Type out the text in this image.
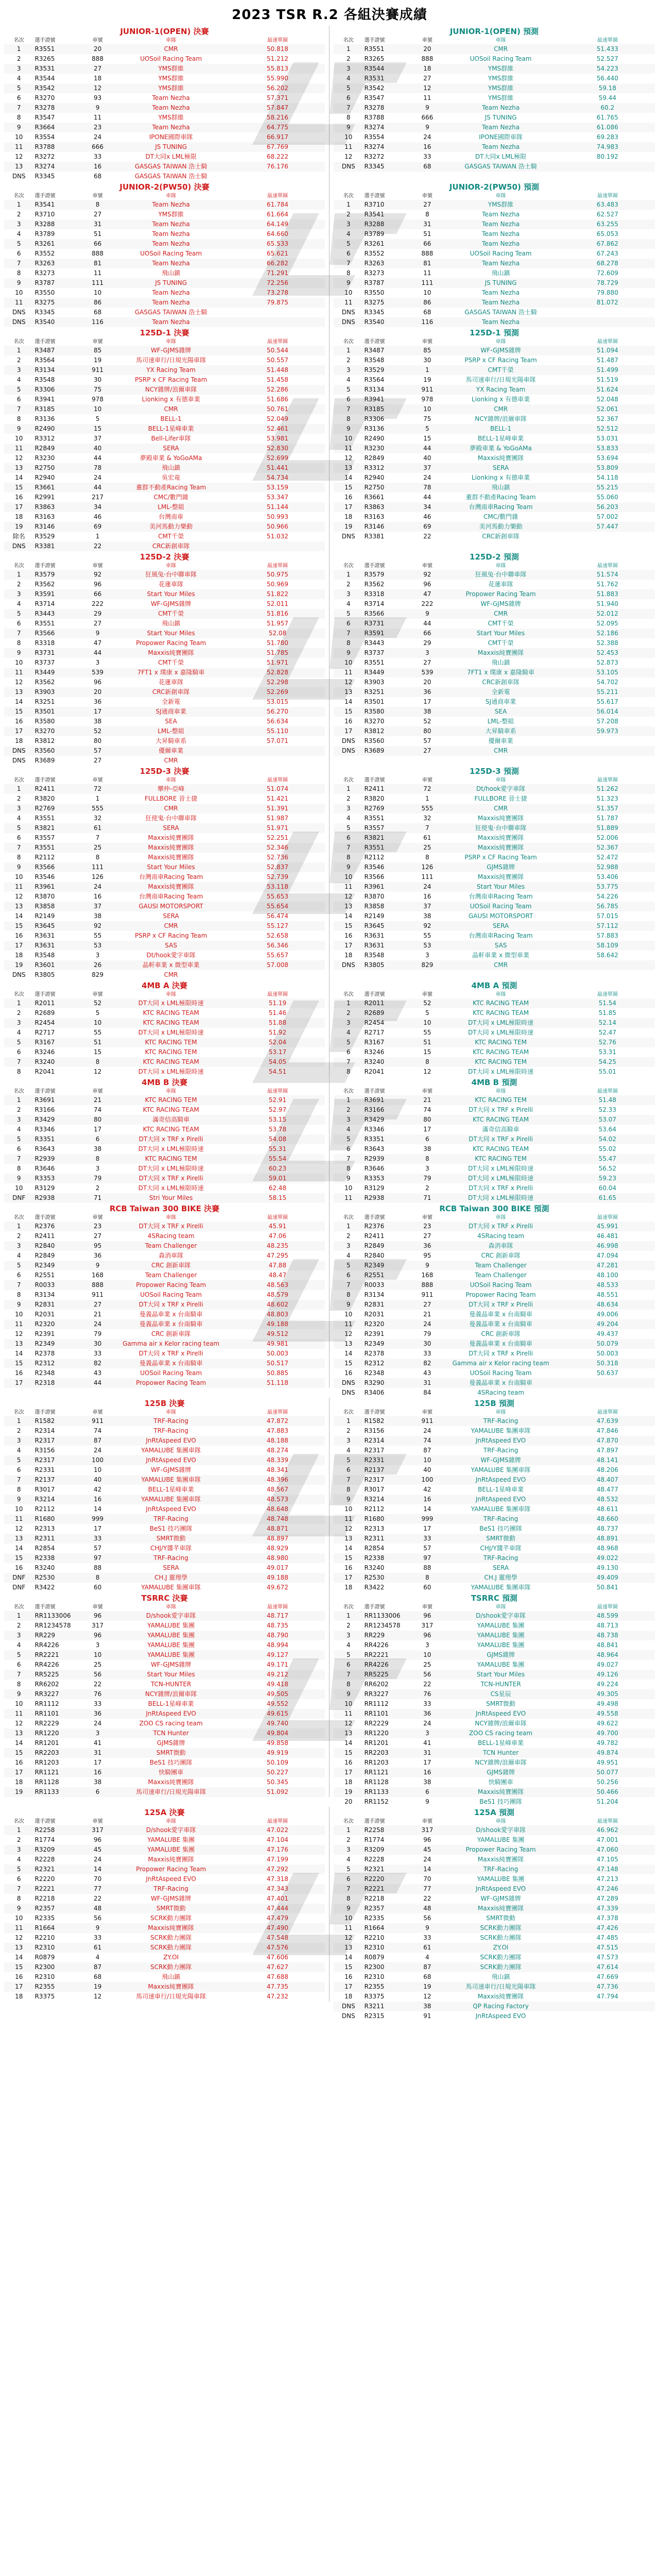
2023 TSR R.2 各組決賽成績
JUNIOR-1(OPEN) 決賽
名次	選手證號	車號	車隊	最速單圈
1	R3551	20	CMR	50.818
2	R3265	888	UOSoil Racing Team	51.212
3	R3531	27	YMS群維	55.813
4	R3544	18	YMS群維	55.990
5	R3542	12	YMS群維	56.202
6	R3270	93	Team Nezha	57.371
7	R3278	9	Team Nezha	57.847
8	R3547	11	YMS群維	58.216
9	R3664	23	Team Nezha	64.775
10	R3554	24	IPONE國際車隊	66.917
11	R3788	666	JS TUNING	67.769
12	R3272	33	DT大同x LML極限	68.222
13	R3274	16	GASGAS TAIWAN 浩士騎	76.176
DNS	R3345	68	GASGAS TAIWAN 浩士騎	
JUNIOR-1(OPEN) 預測
名次	選手證號	車號	車隊	最速單圈
1	R3551	20	CMR	51.433
2	R3265	888	UOSoil Racing Team	52.527
3	R3544	18	YMS群維	54.223
4	R3531	27	YMS群維	56.440
5	R3542	12	YMS群維	59.18
6	R3547	11	YMS群維	59.44
7	R3278	9	Team Nezha	60.2
8	R3788	666	JS TUNING	61.765
9	R3274	9	Team Nezha	61.086
10	R3554	24	IPONE國際車隊	69.283
11	R3274	16	Team Nezha	74.983
12	R3272	33	DT大同x LML極限	80.192
DNS	R3345	68	GASGAS TAIWAN 浩士騎	
JUNIOR-2(PW50) 決賽
名次	選手證號	車號	車隊	最速單圈
1	R3541	8	Team Nezha	61.784
2	R3710	27	YMS群維	61.664
3	R3288	31	Team Nezha	64.149
4	R3789	51	Team Nezha	64.660
5	R3261	66	Team Nezha	65.533
6	R3552	888	UOSoil Racing Team	65.621
7	R3263	81	Team Nezha	66.282
8	R3273	11	飛山鎮	71.291
9	R3787	111	JS TUNING	72.256
10	R3550	10	Team Nezha	73.278
11	R3275	86	Team Nezha	79.875
DNS	R3345	68	GASGAS TAIWAN 浩士騎	
DNS	R3540	116	Team Nezha	
JUNIOR-2(PW50) 預測
名次	選手證號	車號	車隊	最速單圈
1	R3710	27	YMS群維	63.483
2	R3541	8	Team Nezha	62.527
3	R3288	31	Team Nezha	63.255
4	R3789	51	Team Nezha	65.053
5	R3261	66	Team Nezha	67.862
6	R3552	888	UOSoil Racing Team	67.243
7	R3263	81	Team Nezha	68.278
8	R3273	11	飛山鎮	72.609
9	R3787	111	JS TUNING	78.729
10	R3550	10	Team Nezha	79.880
11	R3275	86	Team Nezha	81.072
DNS	R3345	68	GASGAS TAIWAN 浩士騎	
DNS	R3540	116	Team Nezha	
125D-1 決賽
名次	選手證號	車號	車隊	最速單圈
1	R3487	85	WF-GJMS雜牌	50.544
2	R3564	19	馬司速車行/日規光陽車隊	50.557
3	R3134	911	YX Racing Team	51.448
4	R3548	30	PSRP x CF Racing Team	51.458
5	R3306	75	NCY雜牌/浪爾車隊	52.286
6	R3941	978	Lionking x 有德車業	51.686
7	R3185	10	CMR	50.761
8	R3136	5	BELL-1	52.049
9	R2490	15	BELL-1星峰車業	52.461
10	R3312	37	Bell-Lifer車隊	53.981
11	R2849	40	SERA	52.830
12	R3230	44	夢殿車業 & YoGoAMa	52.699
13	R2750	78	飛山鎮	51.441
14	R2940	24	吳宏竜	54.734
15	R3661	44	董群不動產Racing Team	53.159
16	R2991	217	CMC/數門雜	53.347
17	R3863	34	LML-整組	51.144
18	R3163	46	台灣南車	50.993
19	R3146	69	美河馬動力樂動	50.966
除名	R3529	1	CMT千榮	51.032
DNS	R3381	22	CRC新創車隊	
125D-1 預測
名次	選手證號	車號	車隊	最速單圈
1	R3487	85	WF-GJMS雜牌	51.094
2	R3548	30	PSRP x CF Racing Team	51.487
3	R3529	1	CMT千榮	51.499
4	R3564	19	馬司速車行/日規光陽車隊	51.519
5	R3134	911	YX Racing Team	51.624
6	R3941	978	Lionking x 有德車業	52.048
7	R3185	10	CMR	52.061
8	R3306	75	NCY雜牌/浪爾車隊	52.367
9	R3136	5	BELL-1	52.512
10	R2490	15	BELL-1星峰車業	53.031
11	R3230	44	夢殿車業 & YoGoAMa	53.833
12	R2849	40	Maxxis純寶團隊	53.694
13	R3312	37	SERA	53.809
14	R2940	24	Lionking x 有德車業	54.118
15	R2750	78	飛山鎮	55.215
16	R3661	44	董群不動產Racing Team	55.060
17	R3863	34	台灣南車Racing Team	56.203
18	R3163	46	CMC/數門雜	57.002
19	R3146	69	美河馬動力樂動	57.447
DNS	R3381	22	CRC新創車隊	
125D-2 決賽
名次	選手證號	車號	車隊	最速單圈
1	R3579	92	狂風兔·台中聯車隊	50.975
2	R3562	96	花蓮車隊	50.969
3	R3591	66	Start Your Miles	51.822
4	R3714	222	WF-GJMS雜牌	52.011
5	R3443	29	CMT千榮	51.816
6	R3551	27	飛山鎮	51.957
7	R3566	9	Start Your Miles	52.08
8	R3318	47	Propower Racing Team	51.780
9	R3731	44	Maxxis純寶團隊	51.785
10	R3737	3	CMT千榮	51.971
11	R3449	539	7FT1 x 璞康 x 嘉隆騎車	52.828
12	R3562	96	花蓮車隊	52.298
13	R3903	20	CRC新創車隊	52.269
14	R3251	36	全新電	53.015
15	R3501	17	SJ通商車業	56.270
16	R3580	38	SEA	56.634
17	R3270	52	LML-整組	55.110
18	R3812	80	大昇騎車系	57.071
DNS	R3560	57	優爾車業	
DNS	R3689	27	CMR	
125D-2 預測
名次	選手證號	車號	車隊	最速單圈
1	R3579	92	狂風兔·台中聯車隊	51.574
2	R3562	96	花蓮車隊	51.762
3	R3318	47	Propower Racing Team	51.883
4	R3714	222	WF-GJMS雜牌	51.940
5	R3566	9	CMR	52.012
6	R3731	44	CMT千榮	52.095
7	R3591	66	Start Your Miles	52.186
8	R3443	29	CMT千榮	52.388
9	R3737	3	Maxxis純寶團隊	52.453
10	R3551	27	飛山鎮	52.873
11	R3449	539	7FT1 x 璞康 x 嘉隆騎車	53.105
12	R3903	20	CRC新創車隊	54.702
13	R3251	36	全新電	55.211
14	R3501	17	SJ通商車業	55.617
15	R3580	38	SEA	56.014
16	R3270	52	LML-整組	57.208
17	R3812	80	大昇騎車系	59.973
DNS	R3560	57	優爾車業	
DNS	R3689	27	CMR	
125D-3 決賽
名次	選手證號	車號	車隊	最速單圈
1	R2411	72	攀仲-亞峰	51.074
2	R3820	1	FULLBORE 晉士捷	51.421
3	R2769	555	CMR	51.391
4	R3551	32	狂使鬼·台中聯車隊	51.987
5	R3821	61	SERA	51.971
6	R3557	7	Maxxis純寶團隊	52.251
7	R3551	25	Maxxis純寶團隊	52.346
8	R2112	8	Maxxis純寶團隊	52.736
9	R3566	111	Start Your Miles	52.837
10	R3546	126	台灣南車Racing Team	52.739
11	R3961	24	Maxxis純寶團隊	53.118
12	R3870	16	台灣南車Racing Team	55.653
13	R3858	37	GAUSI MOTORSPORT	55.654
14	R2149	38	SERA	56.474
15	R3645	92	CMR	55.127
16	R3631	55	PSRP x CF Racing Team	52.658
17	R3631	53	SAS	56.346
18	R3548	3	Dt/hook愛字車隊	55.657
19	R3601	26	晶軒車業 x 微型車業	57.008
DNS	R3805	829	CMR	
125D-3 預測
名次	選手證號	車號	車隊	最速單圈
1	R2411	72	Dt/hook愛字車隊	51.262
2	R3820	1	FULLBORE 晉士捷	51.323
3	R2769	555	CMR	51.357
4	R3551	32	Maxxis純寶團隊	51.787
5	R3557	7	狂使鬼·台中聯車隊	51.889
6	R3821	61	Maxxis純寶團隊	52.006
7	R3551	25	Maxxis純寶團隊	52.367
8	R2112	8	PSRP x CF Racing Team	52.472
9	R3546	126	GJMS雜牌	52.988
10	R3566	111	Maxxis純寶團隊	53.406
11	R3961	24	Start Your Miles	53.775
12	R3870	16	台灣南車Racing Team	54.226
13	R3858	37	UOSoil Racing Team	56.785
14	R2149	38	GAUSI MOTORSPORT	57.015
15	R3645	92	SERA	57.112
16	R3631	55	台灣南車Racing Team	57.883
17	R3631	53	SAS	58.109
18	R3548	3	晶軒車業 x 微型車業	58.642
DNS	R3805	829	CMR	
4MB A 決賽
名次	選手證號	車號	車隊	最速單圈
1	R2011	52	DT大同 x LML極限時速	51.19
2	R2689	5	KTC RACING TEAM	51.46
3	R2454	10	KTC RACING TEAM	51.88
4	R2717	55	DT大同 x LML極限時速	51.92
5	R3167	51	KTC RACING TEM	52.04
6	R3246	15	KTC RACING TEM	53.17
7	R3240	8	KTC RACING TEAM	54.05
8	R2041	12	DT大同 x LML極限時速	54.51
4MB A 預測
名次	選手證號	車號	車隊	最速單圈
1	R2011	52	KTC RACING TEAM	51.54
2	R2689	5	KTC RACING TEAM	51.85
3	R2454	10	DT大同 x LML極限時速	52.14
4	R2717	55	DT大同 x LML極限時速	52.47
5	R3167	51	KTC RACING TEM	52.76
6	R3246	15	KTC RACING TEAM	53.31
7	R3240	8	KTC RACING TEM	54.25
8	R2041	12	DT大同 x LML極限時速	55.01
4MB B 決賽
名次	選手證號	車號	車隊	最速單圈
1	R3691	21	KTC RACING TEM	52.91
2	R3166	74	KTC RACING TEAM	52.97
3	R3429	80	滿奇信高騎車	53.15
4	R3346	17	KTC RACING TEAM	53.78
5	R3351	6	DT大同 x TRF x Pirelli	54.08
6	R3643	38	DT大同 x LML極限時速	55.31
7	R2939	8	KTC RACING TEM	55.54
8	R3646	3	DT大同 x LML極限時速	60.23
9	R3353	79	DT大同 x TRF x Pirelli	59.01
10	R3129	2	DT大同 x LML極限時速	62.48
DNF	R2938	71	Stri Your Miles	58.15
4MB B 預測
名次	選手證號	車號	車隊	最速單圈
1	R3691	21	KTC RACING TEM	51.48
2	R3166	74	DT大同 x TRF x Pirelli	52.33
3	R3429	80	KTC RACING TEAM	53.07
4	R3346	17	滿奇信高騎車	53.64
5	R3351	6	DT大同 x TRF x Pirelli	54.02
6	R3643	38	KTC RACING TEAM	55.02
7	R2939	8	KTC RACING TEM	55.47
8	R3646	3	DT大同 x LML極限時速	56.52
9	R3353	79	DT大同 x LML極限時速	59.23
10	R3129	2	DT大同 x TRF x Pirelli	60.04
11	R2938	71	DT大同 x LML極限時速	61.65
RCB Taiwan 300 BIKE 決賽
名次	選手證號	車號	車隊	最速單圈
1	R2376	23	DT大同 x TRF x Pirelli	45.91
2	R2411	27	4SRacing team	47.06
3	R2840	95	Team Challenger	48.235
4	R2849	36	森消車隊	47.295
5	R2349	9	CRC 創新車隊	47.88
6	R2551	168	Team Challenger	48.47
7	R0033	888	Propower Racing Team	48.563
8	R3134	911	UOSoil Racing Team	48.579
9	R2831	27	DT大同 x TRF x Pirelli	48.602
10	R2031	21	曼義晶車業 x 台南騎車	48.803
11	R2320	24	曼義晶車業 x 台南騎車	49.188
12	R2391	79	CRC 創新車隊	49.512
13	R2349	30	Gamma air x Kelor racing team	49.981
14	R2378	33	DT大同 x TRF x Pirelli	50.003
15	R2312	82	曼義晶車業 x 台南騎車	50.517
16	R2348	43	UOSoil Racing Team	50.885
17	R2318	44	Propower Racing Team	51.118
RCB Taiwan 300 BIKE 預測
名次	選手證號	車號	車隊	最速單圈
1	R2376	23	DT大同 x TRF x Pirelli	45.991
2	R2411	27	4SRacing team	46.481
3	R2849	36	森消車隊	46.998
4	R2840	95	CRC 創新車隊	47.094
5	R2349	9	Team Challenger	47.281
6	R2551	168	Team Challenger	48.100
7	R0033	888	UOSoil Racing Team	48.533
8	R3134	911	Propower Racing Team	48.551
9	R2831	27	DT大同 x TRF x Pirelli	48.634
10	R2031	21	曼義晶車業 x 台南騎車	49.006
11	R2320	24	曼義晶車業 x 台南騎車	49.204
12	R2391	79	CRC 創新車隊	49.437
13	R2349	30	曼義晶車業 x 台南騎車	50.079
14	R2378	33	DT大同 x TRF x Pirelli	50.003
15	R2312	82	Gamma air x Kelor racing team	50.318
16	R2348	43	UOSoil Racing Team	50.637
DNS	R3290	31	曼義晶車業 x 台南騎車	
DNS	R3406	84	4SRacing team	
125B 決賽
名次	選手證號	車號	車隊	最速單圈
1	R1582	911	TRF-Racing	47.872
2	R2314	74	TRF-Racing	47.883
3	R2317	87	JnRtAspeed EVO	48.188
4	R3156	24	YAMALUBE 集團車隊	48.274
5	R2317	100	JnRtAspeed EVO	48.339
6	R2331	10	WF-GJMS雜牌	48.341
7	R2137	40	YAMALUBE 集團車隊	48.396
8	R3017	42	BELL-1星峰車業	48.567
9	R3214	16	YAMALUBE 集團車隊	48.573
10	R2112	14	JnRtAspeed EVO	48.648
11	R1680	999	TRF-Racing	48.748
12	R2313	17	BeS1 技巧團隊	48.871
13	R2311	33	SMRT微動	48.897
14	R2854	57	CHJ/Y醬芊車隊	48.929
15	R2338	97	TRF-Racing	48.980
16	R3240	88	SERA	49.017
DNF	R2530	8	CH.J 靈理學	49.188
DNF	R3422	60	YAMALUBE 集團車隊	49.672
125B 預測
名次	選手證號	車號	車隊	最速單圈
1	R1582	911	TRF-Racing	47.639
2	R3156	24	YAMALUBE 集團車隊	47.846
3	R2314	74	JnRtAspeed EVO	47.870
4	R2317	87	TRF-Racing	47.897
5	R2331	10	WF-GJMS雜牌	48.141
6	R2137	40	YAMALUBE 集團車隊	48.206
7	R2317	100	JnRtAspeed EVO	48.407
8	R3017	42	BELL-1星峰車業	48.477
9	R3214	16	JnRtAspeed EVO	48.532
10	R2112	14	YAMALUBE 集團車隊	48.611
11	R1680	999	TRF-Racing	48.660
12	R2313	17	BeS1 技巧團隊	48.737
13	R2311	33	SMRT微動	48.891
14	R2854	57	CHJ/Y醬芊車隊	48.968
15	R2338	97	TRF-Racing	49.022
16	R3240	88	SERA	49.130
17	R2530	8	CH.J 靈理學	49.409
18	R3422	60	YAMALUBE 集團車隊	50.841
TSRRC 決賽
名次	選手證號	車號	車隊	最速單圈
1	RR1133006	96	D/shook愛字車隊	48.717
2	RR1234578	317	YAMALUBE 集團	48.735
3	RR229	96	YAMALUBE 集團	48.790
4	RR4226	3	YAMALUBE 集團	48.994
5	RR2221	10	YAMALUBE 集團	49.127
6	RR4226	25	WF-GJMS雜牌	49.171
7	RR5225	56	Start Your Miles	49.212
8	RR6202	22	TCN-HUNTER	49.418
9	RR3227	76	NCY雜牌/浪爾車隊	49.505
10	RR1112	33	BELL-1星峰車業	49.552
11	RR1101	36	JnRtAspeed EVO	49.615
12	RR2229	24	ZOO CS racing team	49.740
13	RR1220	3	TCN Hunter	49.804
14	RR1201	41	GJMS雜牌	49.858
15	RR2203	31	SMRT微動	49.919
16	RR1203	17	BeS1 技巧團隊	50.109
17	RR1121	16	快騎團車	50.227
18	RR1128	38	Maxxis純寶團隊	50.345
19	RR1133	6	馬司速車行/日規光陽車隊	51.092
TSRRC 預測
名次	選手證號	車號	車隊	最速單圈
1	RR1133006	96	D/shook愛字車隊	48.599
2	RR1234578	317	YAMALUBE 集團	48.713
3	RR229	96	YAMALUBE 集團	48.738
4	RR4226	3	YAMALUBE 集團	48.841
5	RR2221	10	GJMS雜牌	48.964
6	RR4226	25	YAMALUBE 集團	49.027
7	RR5225	56	Start Your Miles	49.126
8	RR6202	22	TCN-HUNTER	49.224
9	RR3227	76	CS星辰	49.305
10	RR1112	33	SMRT微動	49.498
11	RR1101	36	JnRtAspeed EVO	49.558
12	RR2229	24	NCY雜牌/浪爾車隊	49.622
13	RR1220	3	ZOO CS racing team	49.700
14	RR1201	41	BELL-1星峰車業	49.782
15	RR2203	31	TCN Hunter	49.874
16	RR1203	17	NCY雜牌/浪爾車隊	49.951
17	RR1121	16	GJMS雜牌	50.077
18	RR1128	38	快騎團車	50.256
19	RR1133	6	Maxxis純寶團隊	50.466
20	RR1152	9	BeS1 技巧團隊	51.204
125A 決賽
名次	選手證號	車號	車隊	最速單圈
1	R2258	317	D/shook愛字車隊	47.022
2	R1774	96	YAMALUBE 集團	47.104
3	R3209	45	YAMALUBE 集團	47.176
4	R2228	24	Maxxis純寶團隊	47.199
5	R2321	14	Propower Racing Team	47.292
6	R2220	70	JnRtAspeed EVO	47.318
7	R2221	77	TRF-Racing	47.343
8	R2218	22	WF-GJMS雜牌	47.401
9	R2357	48	SMRT微動	47.444
10	R2335	56	SCRK動力團隊	47.479
11	R1664	9	Maxxis純寶團隊	47.490
12	R2210	33	SCRK動力團隊	47.548
13	R2310	61	SCRK動力團隊	47.576
14	R0879	4	ZY.OI	47.606
15	R2300	87	SCRK動力團隊	47.627
16	R2310	68	飛山鎮	47.688
17	R2355	19	Maxxis純寶團隊	47.735
18	R3375	12	馬司速車行/日規光陽車隊	47.232
125A 預測
名次	選手證號	車號	車隊	最速單圈
1	R2258	317	D/shook愛字車隊	46.962
2	R1774	96	YAMALUBE 集團	47.001
3	R3209	45	Propower Racing Team	47.060
4	R2228	24	Maxxis純寶團隊	47.105
5	R2321	14	TRF-Racing	47.148
6	R2220	70	YAMALUBE 集團	47.213
7	R2221	77	JnRtAspeed EVO	47.246
8	R2218	22	WF-GJMS雜牌	47.289
9	R2357	48	Maxxis純寶團隊	47.339
10	R2335	56	SMRT微動	47.378
11	R1664	9	SCRK動力團隊	47.426
12	R2210	33	SCRK動力團隊	47.485
13	R2310	61	ZY.OI	47.515
14	R0879	4	SCRK動力團隊	47.573
15	R2300	87	SCRK動力團隊	47.614
16	R2310	68	飛山鎮	47.669
17	R2355	19	馬司速車行/日規光陽車隊	47.736
18	R3375	12	Maxxis純寶團隊	47.794
DNS	R3211	38	QP Racing Factory	
DNS	R2315	91	JnRtAspeed EVO	
